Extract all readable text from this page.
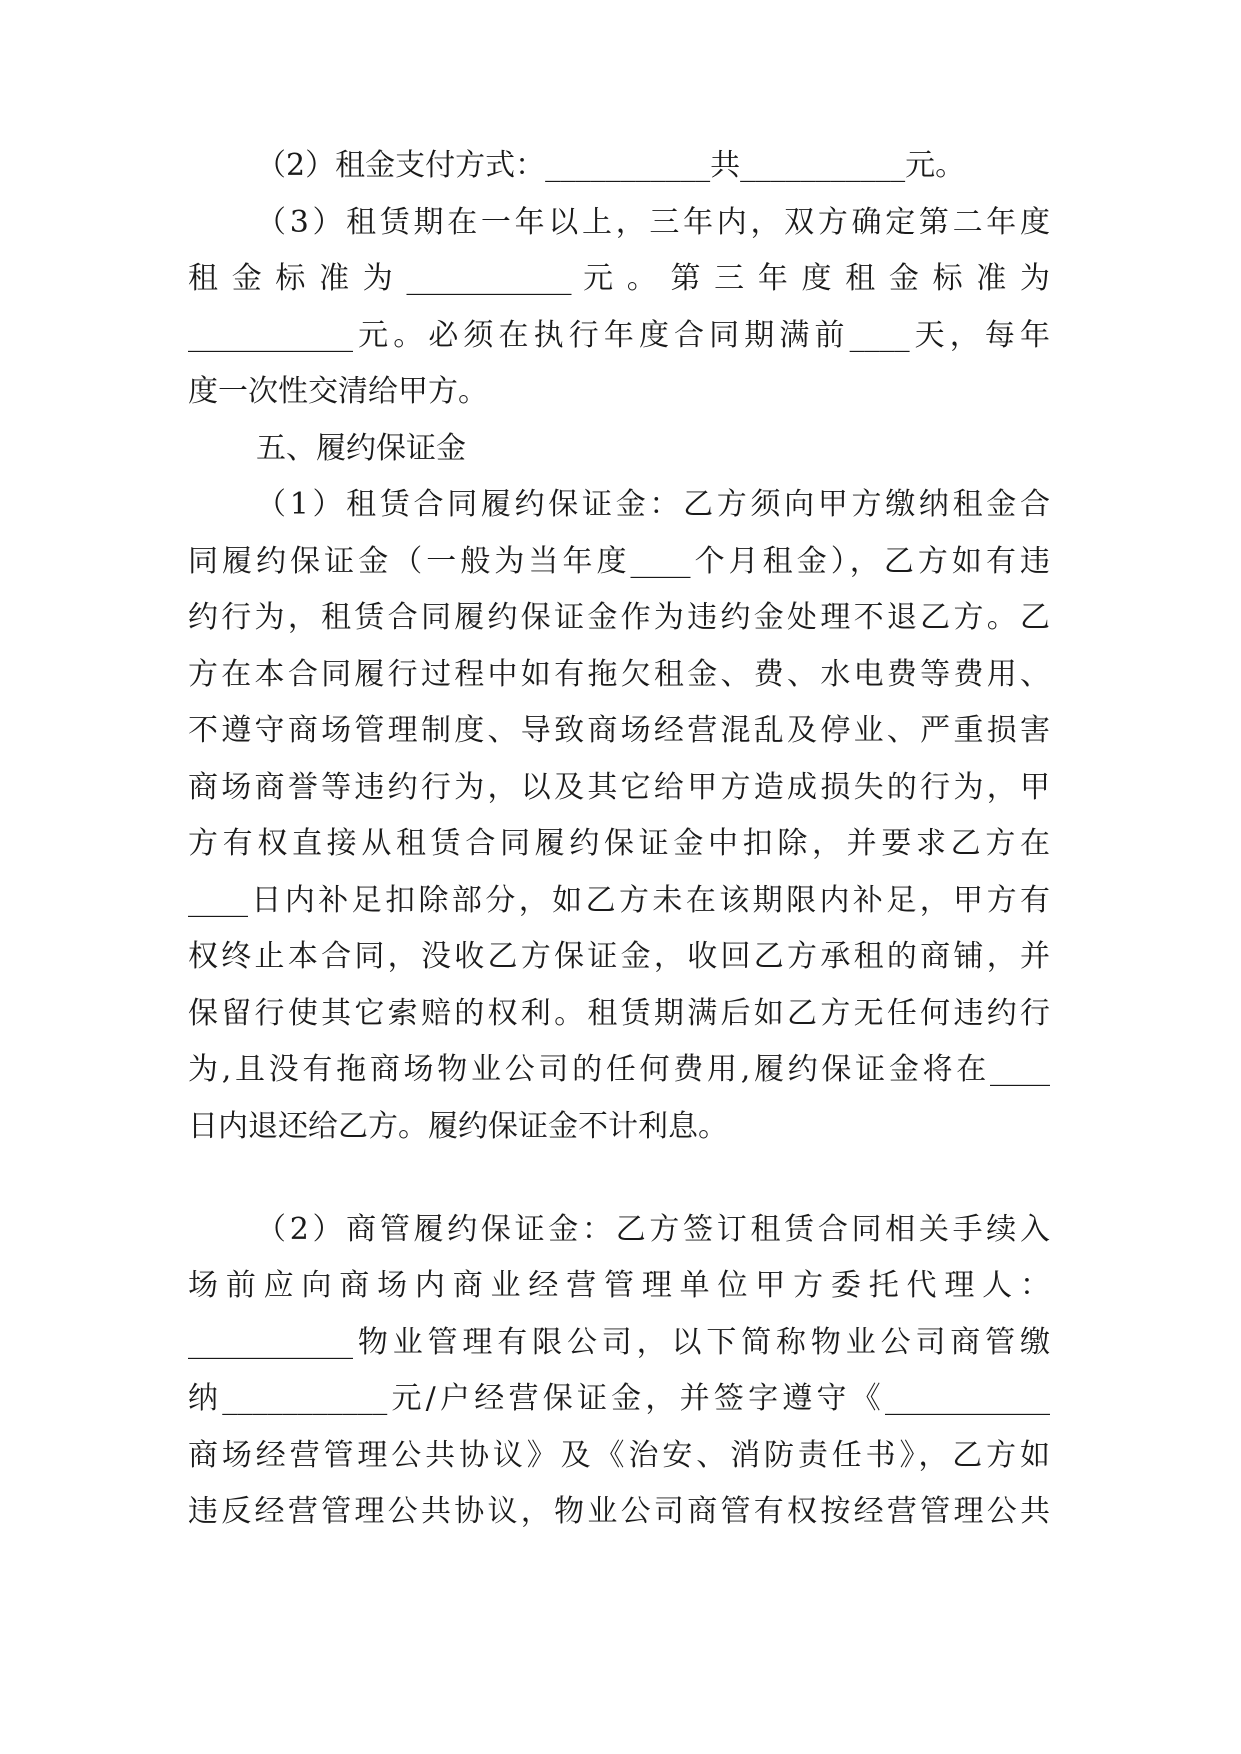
（2）租金支付方式：___________共___________元。
（3）租赁期在一年以上，三年内，双方确定第二年度
租 金 标 准 为 ___________ 元 。 第 三 年 度 租 金 标 准 为
___________元。必须在执行年度合同期满前____天，每年
度一次性交清给甲方。
五、履约保证金
（1）租赁合同履约保证金：乙方须向甲方缴纳租金合
同履约保证金（一般为当年度____个月租金），乙方如有违
约行为，租赁合同履约保证金作为违约金处理不退乙方。乙
方在本合同履行过程中如有拖欠租金、费、水电费等费用、
不遵守商场管理制度、导致商场经营混乱及停业、严重损害
商场商誉等违约行为，以及其它给甲方造成损失的行为，甲
方有权直接从租赁合同履约保证金中扣除，并要求乙方在
____日内补足扣除部分，如乙方未在该期限内补足，甲方有
权终止本合同，没收乙方保证金，收回乙方承租的商铺，并
保留行使其它索赔的权利。租赁期满后如乙方无任何违约行
为,且没有拖商场物业公司的任何费用,履约保证金将在____
日内退还给乙方。履约保证金不计利息。
（2）商管履约保证金：乙方签订租赁合同相关手续入
场前应向商场内商业经营管理单位甲方委托代理人：
___________物业管理有限公司，以下简称物业公司商管缴
纳___________元/户经营保证金，并签字遵守《___________
商场经营管理公共协议》及《治安、消防责任书》，乙方如
违反经营管理公共协议，物业公司商管有权按经营管理公共
